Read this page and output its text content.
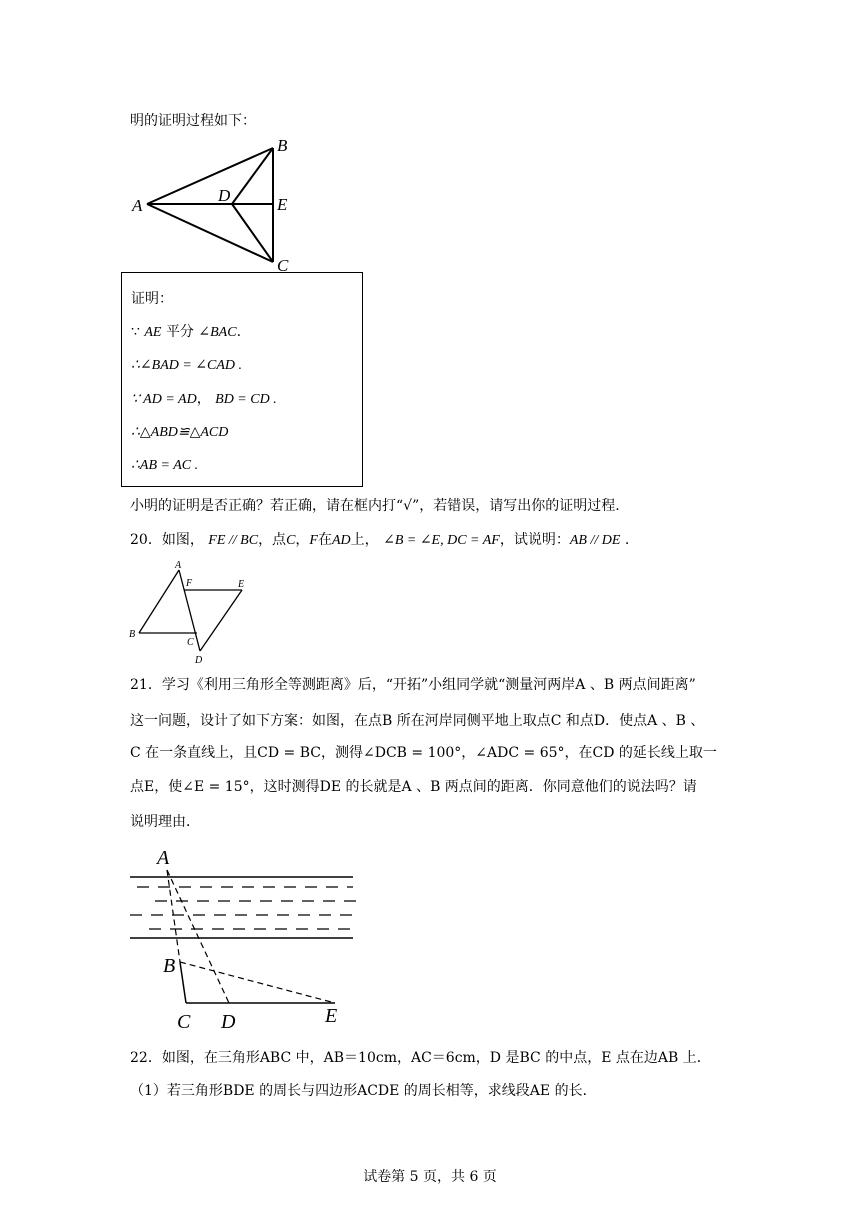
明的证明过程如下：
A
B
C
D	E
证明：
∵ AE 平分 ∠BAC.
∴∠BAD = ∠CAD .
∵ AD = AD， BD = CD .
∴△ABD≌△ACD
∴AB = AC .
小明的证明是否正确？若正确，请在框内打“√”，若错误，请写出你的证明过程.
20．如图， FE // BC，点C，F在AD上， ∠B = ∠E, DC = AF，试说明：AB // DE .
A
B
C
D
E
F
21．学习《利用三角形全等测距离》后，“开拓”小组同学就“测量河两岸A 、B 两点间距离”
这一问题，设计了如下方案：如图，在点B 所在河岸同侧平地上取点C 和点D．使点A 、B 、
C 在一条直线上，且CD = BC，测得∠DCB = 100°，∠ADC = 65°，在CD 的延长线上取一
点E，使∠E = 15°，这时测得DE 的长就是A 、B 两点间的距离．你同意他们的说法吗？请
说明理由．
A
B
C D	E
22．如图，在三角形ABC 中，AB＝10cm，AC＝6cm，D 是BC 的中点，E 点在边AB 上．
（1）若三角形BDE 的周长与四边形ACDE 的周长相等，求线段AE 的长．
试卷第 5 页，共 6 页
